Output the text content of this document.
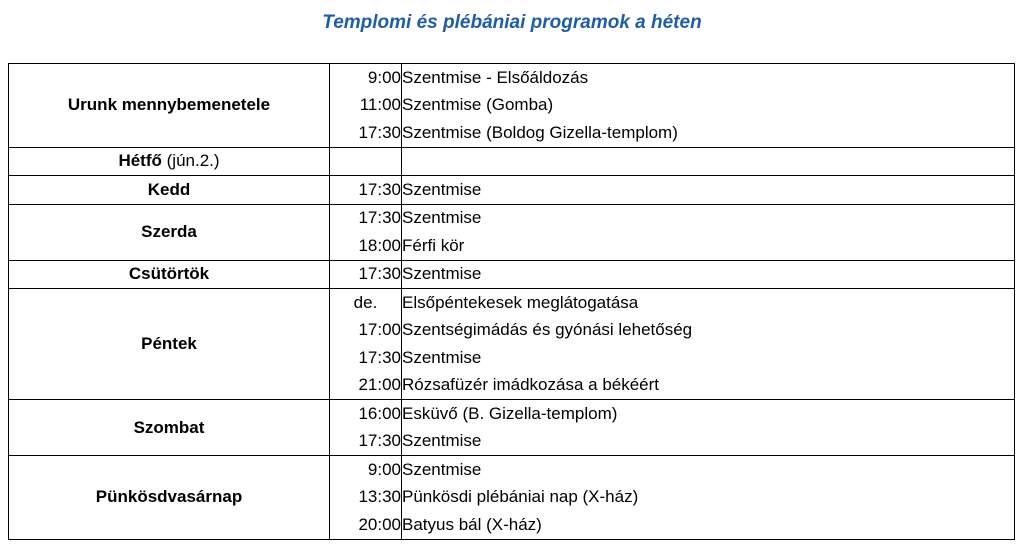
Templomi és plébániai programok a héten
Urunk mennybemenetele	9:00	Szentmise - Elsőáldozás
	11:00	Szentmise (Gomba)
	17:30	Szentmise (Boldog Gizella-templom)
Hétfő (jún.2.)		
Kedd	17:30	Szentmise
Szerda	17:30	Szentmise
	18:00	Férfi kör
Csütörtök	17:30	Szentmise
Péntek	de.	Elsőpéntekesek meglátogatása
	17:00	Szentségimádás és gyónási lehetőség
	17:30	Szentmise
	21:00	Rózsafüzér imádkozása a békéért
Szombat	16:00	Esküvő (B. Gizella-templom)
	17:30	Szentmise
Pünkösdvasárnap	9:00	Szentmise
	13:30	Pünkösdi plébániai nap (X-ház)
	20:00	Batyus bál (X-ház)
